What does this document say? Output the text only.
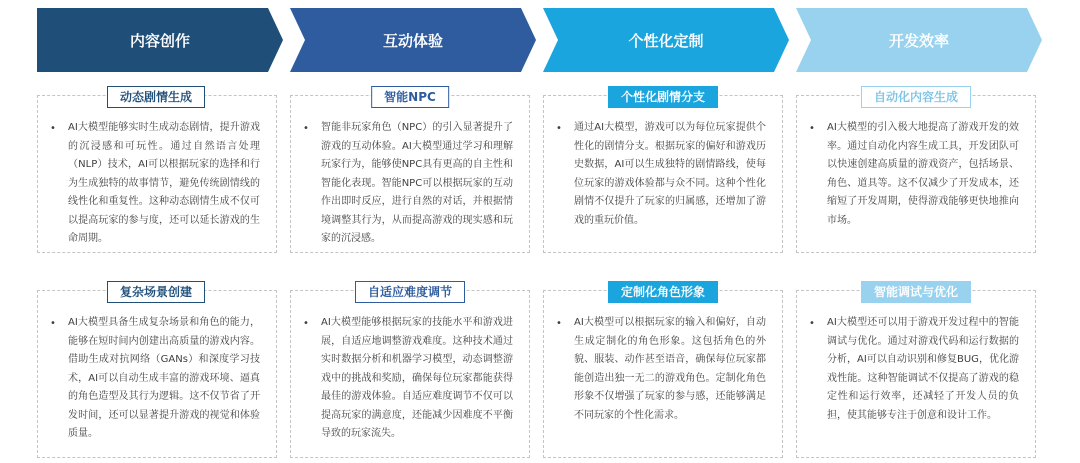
内容创作	互动体验	个性化定制	开发效率
• AI大模型能够实时生成动态剧情，提升游戏的沉浸感和可玩性。通过自然语言处理（NLP）技术，AI可以根据玩家的选择和行为生成独特的故事情节，避免传统剧情线的线性化和重复性。这种动态剧情生成不仅可以提高玩家的参与度，还可以延长游戏的生命周期。
动态剧情生成
• AI大模型具备生成复杂场景和角色的能力，能够在短时间内创建出高质量的游戏内容。借助生成对抗网络（GANs）和深度学习技术，AI可以自动生成丰富的游戏环境、逼真的角色造型及其行为逻辑。这不仅节省了开发时间，还可以显著提升游戏的视觉和体验质量。
复杂场景创建
• 智能非玩家角色（NPC）的引入显著提升了游戏的互动体验。AI大模型通过学习和理解玩家行为，能够使NPC具有更高的自主性和智能化表现。智能NPC可以根据玩家的互动作出即时反应，进行自然的对话，并根据情境调整其行为，从而提高游戏的现实感和玩家的沉浸感。
智能NPC
• AI大模型能够根据玩家的技能水平和游戏进展，自适应地调整游戏难度。这种技术通过实时数据分析和机器学习模型，动态调整游戏中的挑战和奖励，确保每位玩家都能获得最佳的游戏体验。自适应难度调节不仅可以提高玩家的满意度，还能减少因难度不平衡导致的玩家流失。
自适应难度调节
• 通过AI大模型，游戏可以为每位玩家提供个性化的剧情分支。根据玩家的偏好和游戏历史数据，AI可以生成独特的剧情路线，使每位玩家的游戏体验都与众不同。这种个性化剧情不仅提升了玩家的归属感，还增加了游戏的重玩价值。
个性化剧情分支
• AI大模型可以根据玩家的输入和偏好，自动生成定制化的角色形象。这包括角色的外貌、服装、动作甚至语音，确保每位玩家都能创造出独一无二的游戏角色。定制化角色形象不仅增强了玩家的参与感，还能够满足不同玩家的个性化需求。
定制化角色形象
• AI大模型的引入极大地提高了游戏开发的效率。通过自动化内容生成工具，开发团队可以快速创建高质量的游戏资产，包括场景、角色、道具等。这不仅减少了开发成本，还缩短了开发周期，使得游戏能够更快地推向市场。
自动化内容生成
• AI大模型还可以用于游戏开发过程中的智能调试与优化。通过对游戏代码和运行数据的分析，AI可以自动识别和修复BUG，优化游戏性能。这种智能调试不仅提高了游戏的稳定性和运行效率，还减轻了开发人员的负担，使其能够专注于创意和设计工作。
智能调试与优化
